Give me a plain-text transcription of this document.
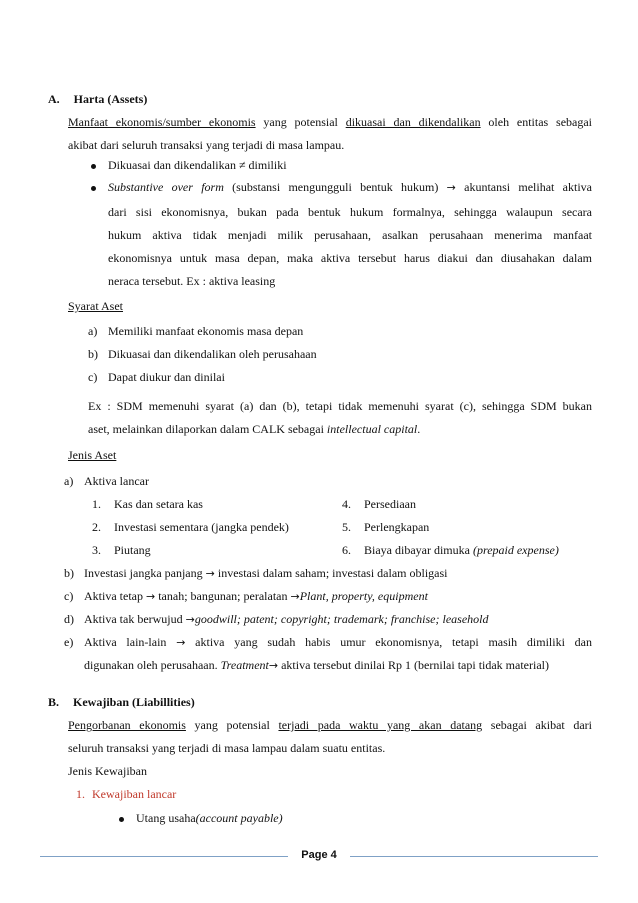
A. Harta (Assets)
Manfaat ekonomis/sumber ekonomis yang potensial dikuasai dan dikendalikan oleh entitas sebagai
akibat dari seluruh transaksi yang terjadi di masa lampau.
Dikuasai dan dikendalikan ≠ dimiliki
Substantive over form (substansi mengungguli bentuk hukum) → akuntansi melihat aktiva
dari sisi ekonomisnya, bukan pada bentuk hukum formalnya, sehingga walaupun secara
hukum aktiva tidak menjadi milik perusahaan, asalkan perusahaan menerima manfaat
ekonomisnya untuk masa depan, maka aktiva tersebut harus diakui dan diusahakan dalam
neraca tersebut. Ex : aktiva leasing
Syarat Aset
a) Memiliki manfaat ekonomis masa depan
b) Dikuasai dan dikendalikan oleh perusahaan
c) Dapat diukur dan dinilai
Ex : SDM memenuhi syarat (a) dan (b), tetapi tidak memenuhi syarat (c), sehingga SDM bukan
aset, melainkan dilaporkan dalam CALK sebagai intellectual capital.
Jenis Aset
a) Aktiva lancar
1. Kas dan setara kas
2. Investasi sementara (jangka pendek)
3. Piutang
4. Persediaan
5. Perlengkapan
6. Biaya dibayar dimuka (prepaid expense)
b) Investasi jangka panjang → investasi dalam saham; investasi dalam obligasi
c) Aktiva tetap → tanah; bangunan; peralatan →Plant, property, equipment
d) Aktiva tak berwujud →goodwill; patent; copyright; trademark; franchise; leasehold
e) Aktiva lain-lain → aktiva yang sudah habis umur ekonomisnya, tetapi masih dimiliki dan
digunakan oleh perusahaan. Treatment→ aktiva tersebut dinilai Rp 1 (bernilai tapi tidak material)
B. Kewajiban (Liabillities)
Pengorbanan ekonomis yang potensial terjadi pada waktu yang akan datang sebagai akibat dari
seluruh transaksi yang terjadi di masa lampau dalam suatu entitas.
Jenis Kewajiban
1. Kewajiban lancar
Utang usaha(account payable)
Page 4
